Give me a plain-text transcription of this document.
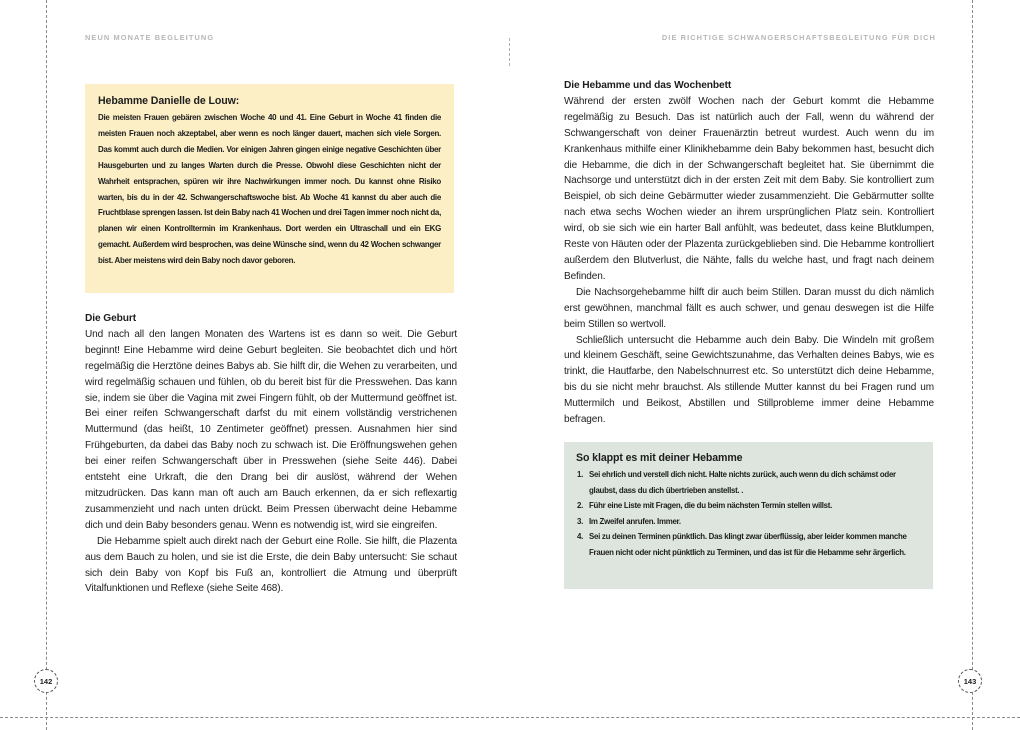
NEUN MONATE BEGLEITUNG	DIE RICHTIGE SCHWANGERSCHAFTSBEGLEITUNG FÜR DICH
Hebamme Danielle de Louw:
Die meisten Frauen gebären zwischen Woche 40 und 41. Eine Geburt in Woche 41 finden die meisten Frauen noch akzeptabel, aber wenn es noch länger dauert, machen sich viele Sorgen. Das kommt auch durch die Medien. Vor einigen Jahren gingen einige negative Geschichten über Hausgeburten und zu langes Warten durch die Presse. Obwohl diese Geschichten nicht der Wahrheit entsprachen, spüren wir ihre Nachwirkungen immer noch. Du kannst ohne Risiko warten, bis du in der 42. Schwangerschaftswoche bist. Ab Woche 41 kannst du aber auch die Fruchtblase sprengen lassen. Ist dein Baby nach 41 Wochen und drei Tagen immer noch nicht da, planen wir einen Kontrolltermin im Krankenhaus. Dort werden ein Ultraschall und ein EKG gemacht. Außerdem wird besprochen, was deine Wünsche sind, wenn du 42 Wochen schwanger bist. Aber meistens wird dein Baby noch davor geboren.
Die Geburt

Und nach all den langen Monaten des Wartens ist es dann so weit. Die Geburt beginnt! Eine Hebamme wird deine Geburt begleiten. Sie beobachtet dich und hört regelmäßig die Herztöne deines Babys ab. Sie hilft dir, die Wehen zu verarbeiten, und wird regelmäßig schauen und fühlen, ob du bereit bist für die Presswehen. Das kann sie, indem sie über die Vagina mit zwei Fingern fühlt, ob der Muttermund geöffnet ist. Bei einer reifen Schwangerschaft darfst du mit einem vollständig verstrichenen Muttermund (das heißt, 10 Zentimeter geöffnet) pressen. Ausnahmen hier sind Frühgeburten, da dabei das Baby noch zu schwach ist. Die Eröffnungswehen gehen bei einer reifen Schwangerschaft über in Presswehen (siehe Seite 446). Dabei entsteht eine Urkraft, die den Drang bei dir auslöst, während der Wehen mitzudrücken. Das kann man oft auch am Bauch erkennen, da er sich reflexartig zusammenzieht und nach unten drückt. Beim Pressen überwacht deine Hebamme dich und dein Baby besonders genau. Wenn es notwendig ist, wird sie eingreifen.

Die Hebamme spielt auch direkt nach der Geburt eine Rolle. Sie hilft, die Plazenta aus dem Bauch zu holen, und sie ist die Erste, die dein Baby untersucht: Sie schaut sich dein Baby von Kopf bis Fuß an, kontrolliert die Atmung und überprüft Vitalfunktionen und Reflexe (siehe Seite 468).

Die Hebamme und das Wochenbett

Während der ersten zwölf Wochen nach der Geburt kommt die Hebamme regelmäßig zu Besuch. Das ist natürlich auch der Fall, wenn du während der Schwangerschaft von deiner Frauenärztin betreut wurdest. Auch wenn du im Krankenhaus mithilfe einer Klinikhebamme dein Baby bekommen hast, besucht dich die Hebamme, die dich in der Schwangerschaft begleitet hat. Sie übernimmt die Nachsorge und unterstützt dich in der ersten Zeit mit dem Baby. Sie kontrolliert zum Beispiel, ob sich deine Gebärmutter wieder zusammenzieht. Die Gebärmutter sollte nach etwa sechs Wochen wieder an ihrem ursprünglichen Platz sein. Kontrolliert wird, ob sie sich wie ein harter Ball anfühlt, was bedeutet, dass keine Blutklumpen, Reste von Häuten oder der Plazenta zurückgeblieben sind. Die Hebamme kontrolliert außerdem den Blutverlust, die Nähte, falls du welche hast, und fragt nach deinem Befinden.

Die Nachsorgehebamme hilft dir auch beim Stillen. Daran musst du dich nämlich erst gewöhnen, manchmal fällt es auch schwer, und genau deswegen ist die Hilfe beim Stillen so wertvoll.

Schließlich untersucht die Hebamme auch dein Baby. Die Windeln mit großem und kleinem Geschäft, seine Gewichtszunahme, das Verhalten deines Babys, wie es trinkt, die Hautfarbe, den Nabelschnurrest etc. So unterstützt dich deine Hebamme, bis du sie nicht mehr brauchst. Als stillende Mutter kannst du bei Fragen rund um Muttermilch und Beikost, Abstillen und Stillprobleme immer deine Hebamme befragen.

So klappt es mit deiner Hebamme
1. Sei ehrlich und verstell dich nicht. Halte nichts zurück, auch wenn du dich schämst oder glaubst, dass du dich übertrieben anstellst. .
2. Führ eine Liste mit Fragen, die du beim nächsten Termin stellen willst.
3. Im Zweifel anrufen. Immer.
4. Sei zu deinen Terminen pünktlich. Das klingt zwar überflüssig, aber leider kommen manche Frauen nicht oder nicht pünktlich zu Terminen, und das ist für die Hebamme sehr ärgerlich.
142	143
